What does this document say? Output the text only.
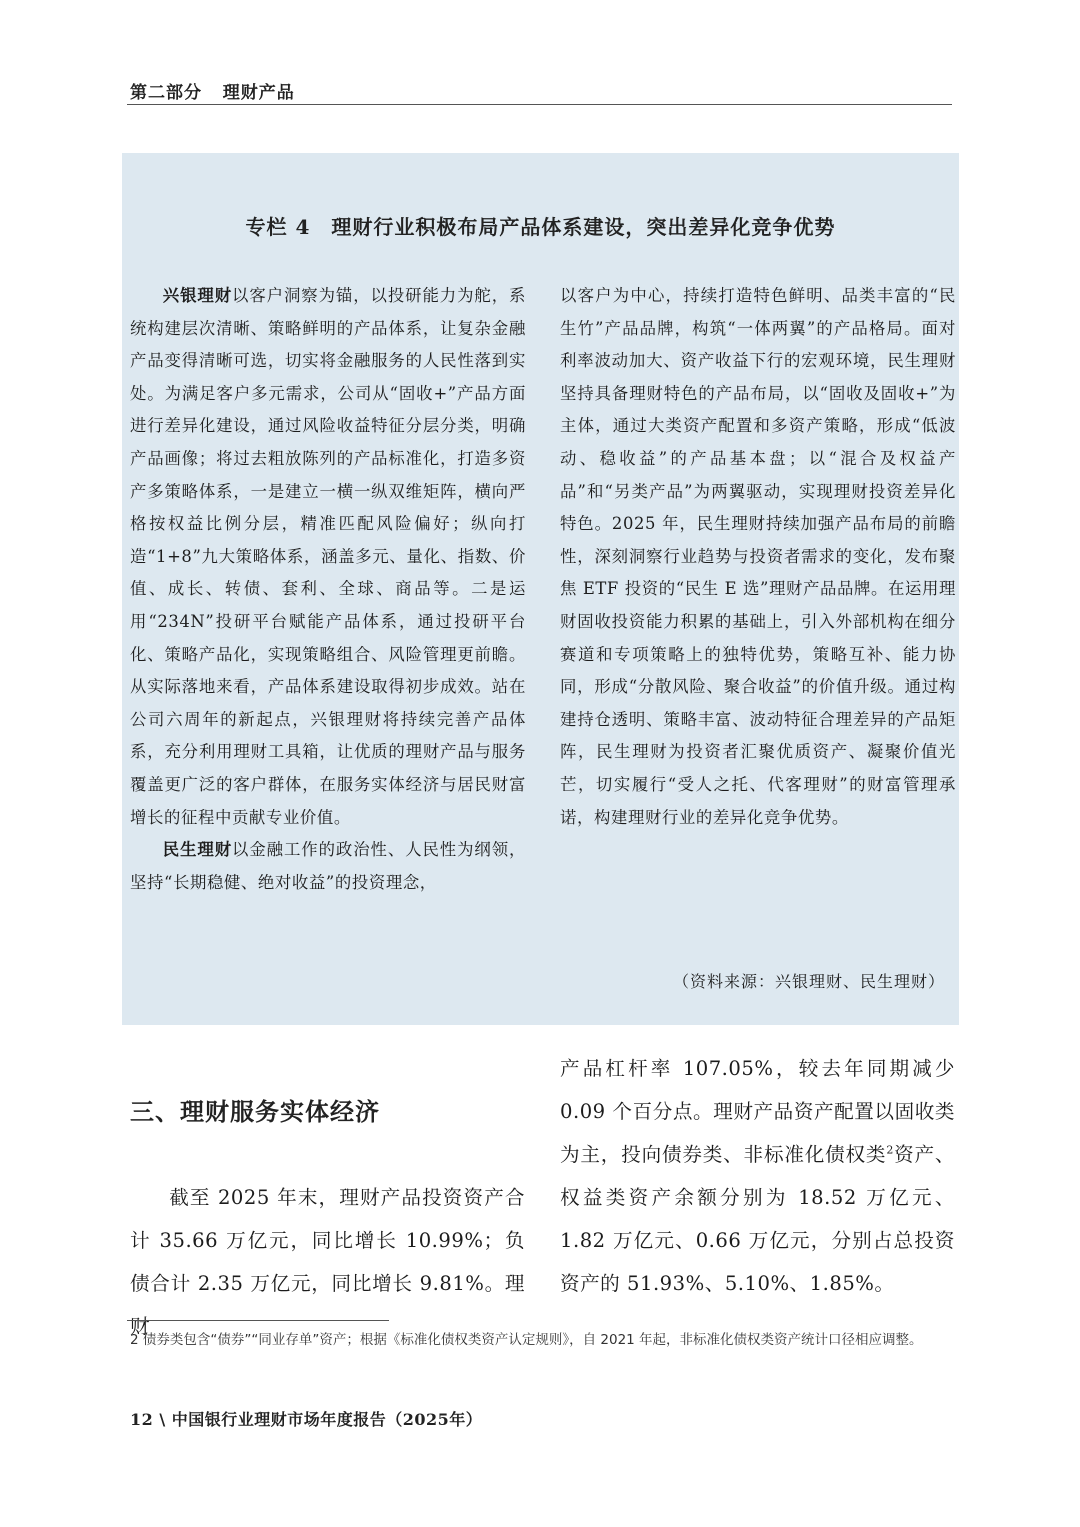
第二部分 理财产品
专栏 4　理财行业积极布局产品体系建设，突出差异化竞争优势

兴银理财以客户洞察为锚，以投研能力为舵，系统构建层次清晰、策略鲜明的产品体系，让复杂金融产品变得清晰可选，切实将金融服务的人民性落到实处。为满足客户多元需求，公司从“固收+”产品方面进行差异化建设，通过风险收益特征分层分类，明确产品画像；将过去粗放陈列的产品标准化，打造多资产多策略体系，一是建立一横一纵双维矩阵，横向严格按权益比例分层，精准匹配风险偏好；纵向打造“1+8”九大策略体系，涵盖多元、量化、指数、价值、成长、转债、套利、全球、商品等。二是运用“234N”投研平台赋能产品体系，通过投研平台化、策略产品化，实现策略组合、风险管理更前瞻。从实际落地来看，产品体系建设取得初步成效。站在公司六周年的新起点，兴银理财将持续完善产品体系，充分利用理财工具箱，让优质的理财产品与服务覆盖更广泛的客户群体，在服务实体经济与居民财富增长的征程中贡献专业价值。

民生理财以金融工作的政治性、人民性为纲领，坚持“长期稳健、绝对收益”的投资理念，

以客户为中心，持续打造特色鲜明、品类丰富的“民生竹”产品品牌，构筑“一体两翼”的产品格局。面对利率波动加大、资产收益下行的宏观环境，民生理财坚持具备理财特色的产品布局，以“固收及固收+”为主体，通过大类资产配置和多资产策略，形成“低波动、稳收益”的产品基本盘；以“混合及权益产品”和“另类产品”为两翼驱动，实现理财投资差异化特色。2025 年，民生理财持续加强产品布局的前瞻性，深刻洞察行业趋势与投资者需求的变化，发布聚焦 ETF 投资的“民生 E 选”理财产品品牌。在运用理财固收投资能力积累的基础上，引入外部机构在细分赛道和专项策略上的独特优势，策略互补、能力协同，形成“分散风险、聚合收益”的价值升级。通过构建持仓透明、策略丰富、波动特征合理差异的产品矩阵，民生理财为投资者汇聚优质资产、凝聚价值光芒，切实履行“受人之托、代客理财”的财富管理承诺，构建理财行业的差异化竞争优势。

（资料来源：兴银理财、民生理财）
三、理财服务实体经济

截至 2025 年末，理财产品投资资产合计 35.66 万亿元，同比增长 10.99%；负债合计 2.35 万亿元，同比增长 9.81%。理财

产品杠杆率 107.05%，较去年同期减少 0.09 个百分点。理财产品资产配置以固收类为主，投向债券类、非标准化债权类$^2$资产、权益类资产余额分别为 18.52 万亿元、1.82 万亿元、0.66 万亿元，分别占总投资资产的 51.93%、5.10%、1.85%。

2 债券类包含“债券”“同业存单”资产；根据《标准化债权类资产认定规则》，自 2021 年起，非标准化债权类资产统计口径相应调整。
12 \ 中国银行业理财市场年度报告（2025年）
